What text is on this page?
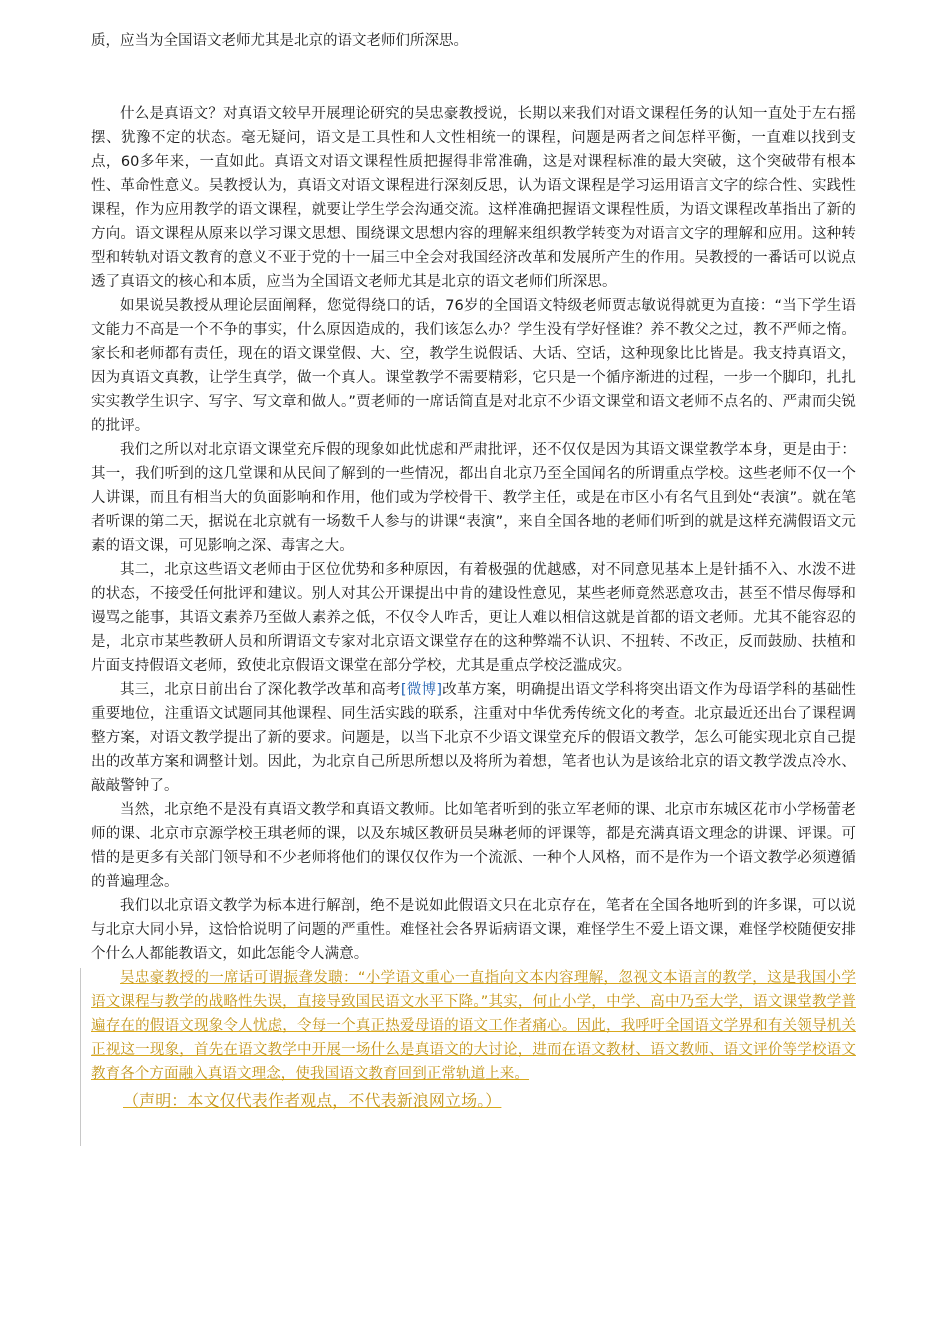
质，应当为全国语文老师尤其是北京的语文老师们所深思。

什么是真语文？对真语文较早开展理论研究的吴忠豪教授说，长期以来我们对语文课程任务的认知一直处于左右摇摆、犹豫不定的状态。毫无疑问，语文是工具性和人文性相统一的课程，问题是两者之间怎样平衡，一直难以找到支点，60多年来，一直如此。真语文对语文课程性质把握得非常准确，这是对课程标准的最大突破，这个突破带有根本性、革命性意义。吴教授认为，真语文对语文课程进行深刻反思，认为语文课程是学习运用语言文字的综合性、实践性课程，作为应用教学的语文课程，就要让学生学会沟通交流。这样准确把握语文课程性质，为语文课程改革指出了新的方向。语文课程从原来以学习课文思想、围绕课文思想内容的理解来组织教学转变为对语言文字的理解和应用。这种转型和转轨对语文教育的意义不亚于党的十一届三中全会对我国经济改革和发展所产生的作用。吴教授的一番话可以说点透了真语文的核心和本质，应当为全国语文老师尤其是北京的语文老师们所深思。

如果说吴教授从理论层面阐释，您觉得绕口的话，76岁的全国语文特级老师贾志敏说得就更为直接：“当下学生语文能力不高是一个不争的事实，什么原因造成的，我们该怎么办？学生没有学好怪谁？养不教父之过，教不严师之惰。家长和老师都有责任，现在的语文课堂假、大、空，教学生说假话、大话、空话，这种现象比比皆是。我支持真语文，因为真语文真教，让学生真学，做一个真人。课堂教学不需要精彩，它只是一个循序渐进的过程，一步一个脚印，扎扎实实教学生识字、写字、写文章和做人。”贾老师的一席话简直是对北京不少语文课堂和语文老师不点名的、严肃而尖锐的批评。

我们之所以对北京语文课堂充斥假的现象如此忧虑和严肃批评，还不仅仅是因为其语文课堂教学本身，更是由于：其一，我们听到的这几堂课和从民间了解到的一些情况，都出自北京乃至全国闻名的所谓重点学校。这些老师不仅一个人讲课，而且有相当大的负面影响和作用，他们或为学校骨干、教学主任，或是在市区小有名气且到处“表演”。就在笔者听课的第二天，据说在北京就有一场数千人参与的讲课“表演”，来自全国各地的老师们听到的就是这样充满假语文元素的语文课，可见影响之深、毒害之大。

其二，北京这些语文老师由于区位优势和多种原因，有着极强的优越感，对不同意见基本上是针插不入、水泼不进的状态，不接受任何批评和建议。别人对其公开课提出中肯的建设性意见，某些老师竟然恶意攻击，甚至不惜尽侮辱和谩骂之能事，其语文素养乃至做人素养之低，不仅令人咋舌，更让人难以相信这就是首都的语文老师。尤其不能容忍的是，北京市某些教研人员和所谓语文专家对北京语文课堂存在的这种弊端不认识、不扭转、不改正，反而鼓励、扶植和片面支持假语文老师，致使北京假语文课堂在部分学校，尤其是重点学校泛滥成灾。

其三，北京日前出台了深化教学改革和高考[微博]改革方案，明确提出语文学科将突出语文作为母语学科的基础性重要地位，注重语文试题同其他课程、同生活实践的联系，注重对中华优秀传统文化的考查。北京最近还出台了课程调整方案，对语文教学提出了新的要求。问题是，以当下北京不少语文课堂充斥的假语文教学，怎么可能实现北京自己提出的改革方案和调整计划。因此，为北京自己所思所想以及将所为着想，笔者也认为是该给北京的语文教学泼点冷水、敲敲警钟了。

当然，北京绝不是没有真语文教学和真语文教师。比如笔者听到的张立军老师的课、北京市东城区花市小学杨蕾老师的课、北京市京源学校王琪老师的课，以及东城区教研员吴琳老师的评课等，都是充满真语文理念的讲课、评课。可惜的是更多有关部门领导和不少老师将他们的课仅仅作为一个流派、一种个人风格，而不是作为一个语文教学必须遵循的普遍理念。

我们以北京语文教学为标本进行解剖，绝不是说如此假语文只在北京存在，笔者在全国各地听到的许多课，可以说与北京大同小异，这恰恰说明了问题的严重性。难怪社会各界诟病语文课，难怪学生不爱上语文课，难怪学校随便安排个什么人都能教语文，如此怎能令人满意。

吴忠豪教授的一席话可谓振聋发聩：“小学语文重心一直指向文本内容理解，忽视文本语言的教学，这是我国小学语文课程与教学的战略性失误，直接导致国民语文水平下降。”其实，何止小学，中学、高中乃至大学，语文课堂教学普遍存在的假语文现象令人忧虑，令每一个真正热爱母语的语文工作者痛心。因此，我呼吁全国语文学界和有关领导机关正视这一现象，首先在语文教学中开展一场什么是真语文的大讨论，进而在语文教材、语文教师、语文评价等学校语文教育各个方面融入真语文理念，使我国语文教育回到正常轨道上来。

（声明：本文仅代表作者观点，不代表新浪网立场。）
